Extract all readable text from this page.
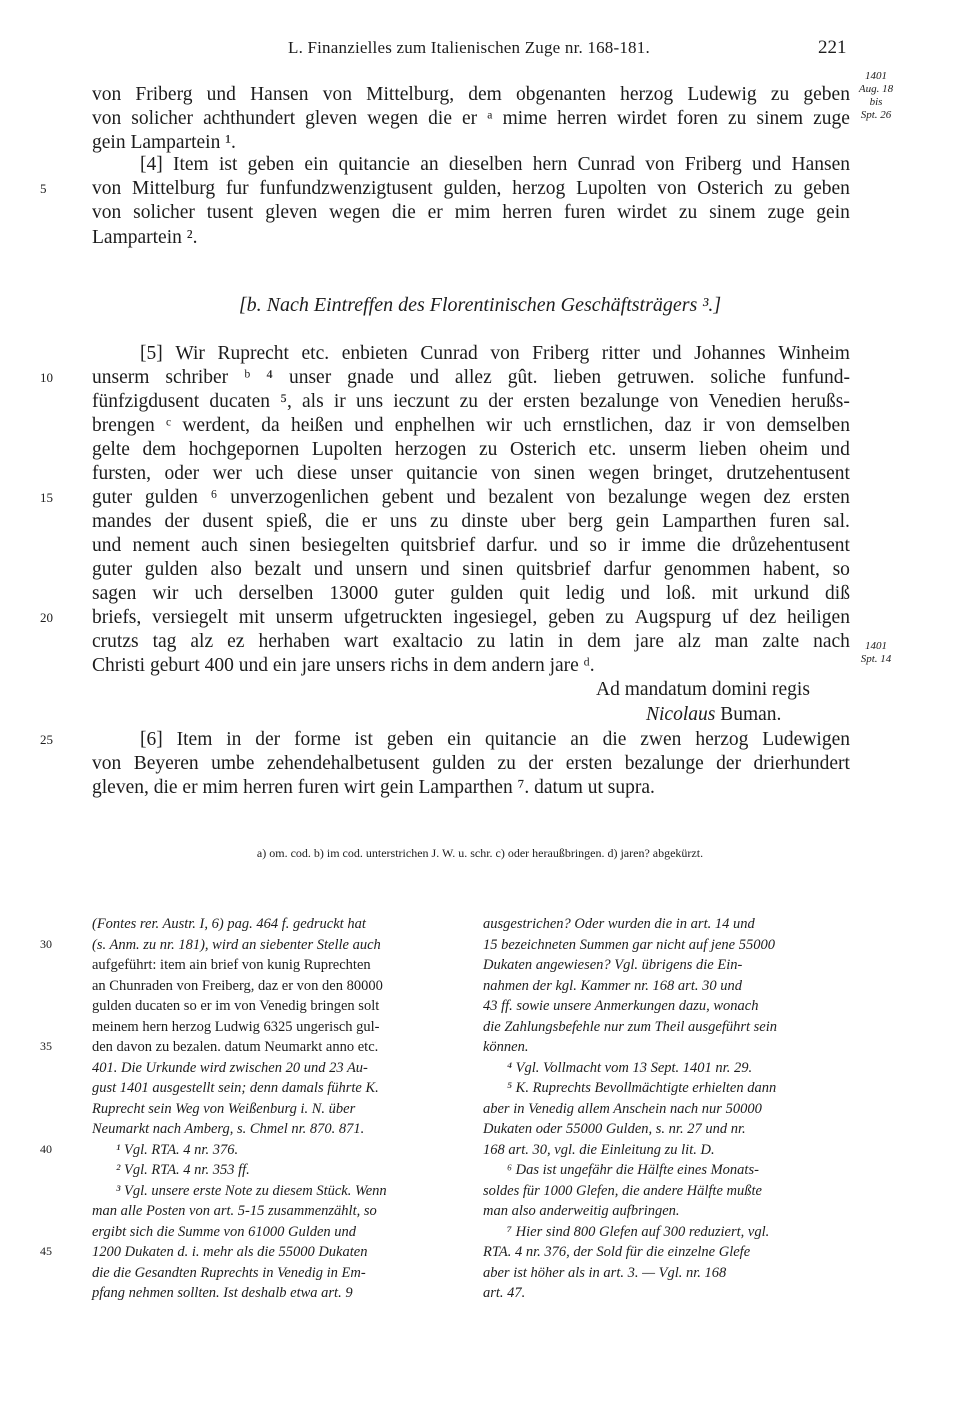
L. Finanzielles zum Italienischen Zuge nr. 168-181.	221
1401
Aug. 18
bis
Spt. 26
1401
Spt. 14
5
10
15
20
25
von Friberg und Hansen von Mittelburg, dem obgenanten herzog Ludewig zu geben
von solicher achthundert gleven wegen die er ᵃ mime herren wirdet foren zu sinem zuge
gein Lampartein ¹.
[4] Item ist geben ein quitancie an dieselben hern Cunrad von Friberg und Hansen
von Mittelburg fur funfundzwenzigtusent gulden, herzog Lupolten von Osterich zu geben
von solicher tusent gleven wegen die er mim herren furen wirdet zu sinem zuge gein
Lampartein ².
[b. Nach Eintreffen des Florentinischen Geschäftsträgers ³.]
[5] Wir Ruprecht etc. enbieten Cunrad von Friberg ritter und Johannes Winheim
unserm schriber ᵇ ⁴ unser gnade und allez gût. lieben getruwen. soliche funfund-
fünfzigdusent ducaten ⁵, als ir uns ieczunt zu der ersten bezalunge von Venedien herußs-
brengen ᶜ werdent, da heißen und enphelhen wir uch ernstlichen, daz ir von demselben
gelte dem hochgepornen Lupolten herzogen zu Osterich etc. unserm lieben oheim und
fursten, oder wer uch diese unser quitancie von sinen wegen bringet, drutzehentusent
guter gulden ⁶ unverzogenlichen gebent und bezalent von bezalunge wegen dez ersten
mandes der dusent spieß, die er uns zu dinste uber berg gein Lamparthen furen sal.
und nement auch sinen besiegelten quitsbrief darfur. und so ir imme die drůzehentusent
guter gulden also bezalt und unsern und sinen quitsbrief darfur genommen habent, so
sagen wir uch derselben 13000 guter gulden quit ledig und loß. mit urkund diß
briefs, versiegelt mit unserm ufgetruckten ingesiegel, geben zu Augspurg uf dez heiligen
crutzs tag alz ez herhaben wart exaltacio zu latin in dem jare alz man zalte nach
Christi geburt 400 und ein jare unsers richs in dem andern jare ᵈ.
Ad mandatum domini regis
Nicolaus Buman.
[6] Item in der forme ist geben ein quitancie an die zwen herzog Ludewigen
von Beyeren umbe zehendehalbetusent gulden zu der ersten bezalunge der drierhundert
gleven, die er mim herren furen wirt gein Lamparthen ⁷. datum ut supra.
a) om. cod. b) im cod. unterstrichen J. W. u. schr. c) oder heraußbringen. d) jaren? abgekürzt.
30
35
40
45
(Fontes rer. Austr. I, 6) pag. 464 f. gedruckt hat
(s. Anm. zu nr. 181), wird an siebenter Stelle auch
aufgeführt: item ain brief von kunig Ruprechten
an Chunraden von Freiberg, daz er von den 80000
gulden ducaten so er im von Venedig bringen solt
meinem hern herzog Ludwig 6325 ungerisch gul-
den davon zu bezalen. datum Neumarkt anno etc.
401. Die Urkunde wird zwischen 20 und 23 Au-
gust 1401 ausgestellt sein; denn damals führte K.
Ruprecht sein Weg von Weißenburg i. N. über
Neumarkt nach Amberg, s. Chmel nr. 870. 871.
¹ Vgl. RTA. 4 nr. 376.
² Vgl. RTA. 4 nr. 353 ff.
³ Vgl. unsere erste Note zu diesem Stück. Wenn
man alle Posten von art. 5-15 zusammenzählt, so
ergibt sich die Summe von 61000 Gulden und
1200 Dukaten d. i. mehr als die 55000 Dukaten
die die Gesandten Ruprechts in Venedig in Em-
pfang nehmen sollten. Ist deshalb etwa art. 9
ausgestrichen? Oder wurden die in art. 14 und
15 bezeichneten Summen gar nicht auf jene 55000
Dukaten angewiesen? Vgl. übrigens die Ein-
nahmen der kgl. Kammer nr. 168 art. 30 und
43 ff. sowie unsere Anmerkungen dazu, wonach
die Zahlungsbefehle nur zum Theil ausgeführt sein
können.
⁴ Vgl. Vollmacht vom 13 Sept. 1401 nr. 29.
⁵ K. Ruprechts Bevollmächtigte erhielten dann
aber in Venedig allem Anschein nach nur 50000
Dukaten oder 55000 Gulden, s. nr. 27 und nr.
168 art. 30, vgl. die Einleitung zu lit. D.
⁶ Das ist ungefähr die Hälfte eines Monats-
soldes für 1000 Glefen, die andere Hälfte mußte
man also anderweitig aufbringen.
⁷ Hier sind 800 Glefen auf 300 reduziert, vgl.
RTA. 4 nr. 376, der Sold für die einzelne Glefe
aber ist höher als in art. 3. — Vgl. nr. 168
art. 47.
